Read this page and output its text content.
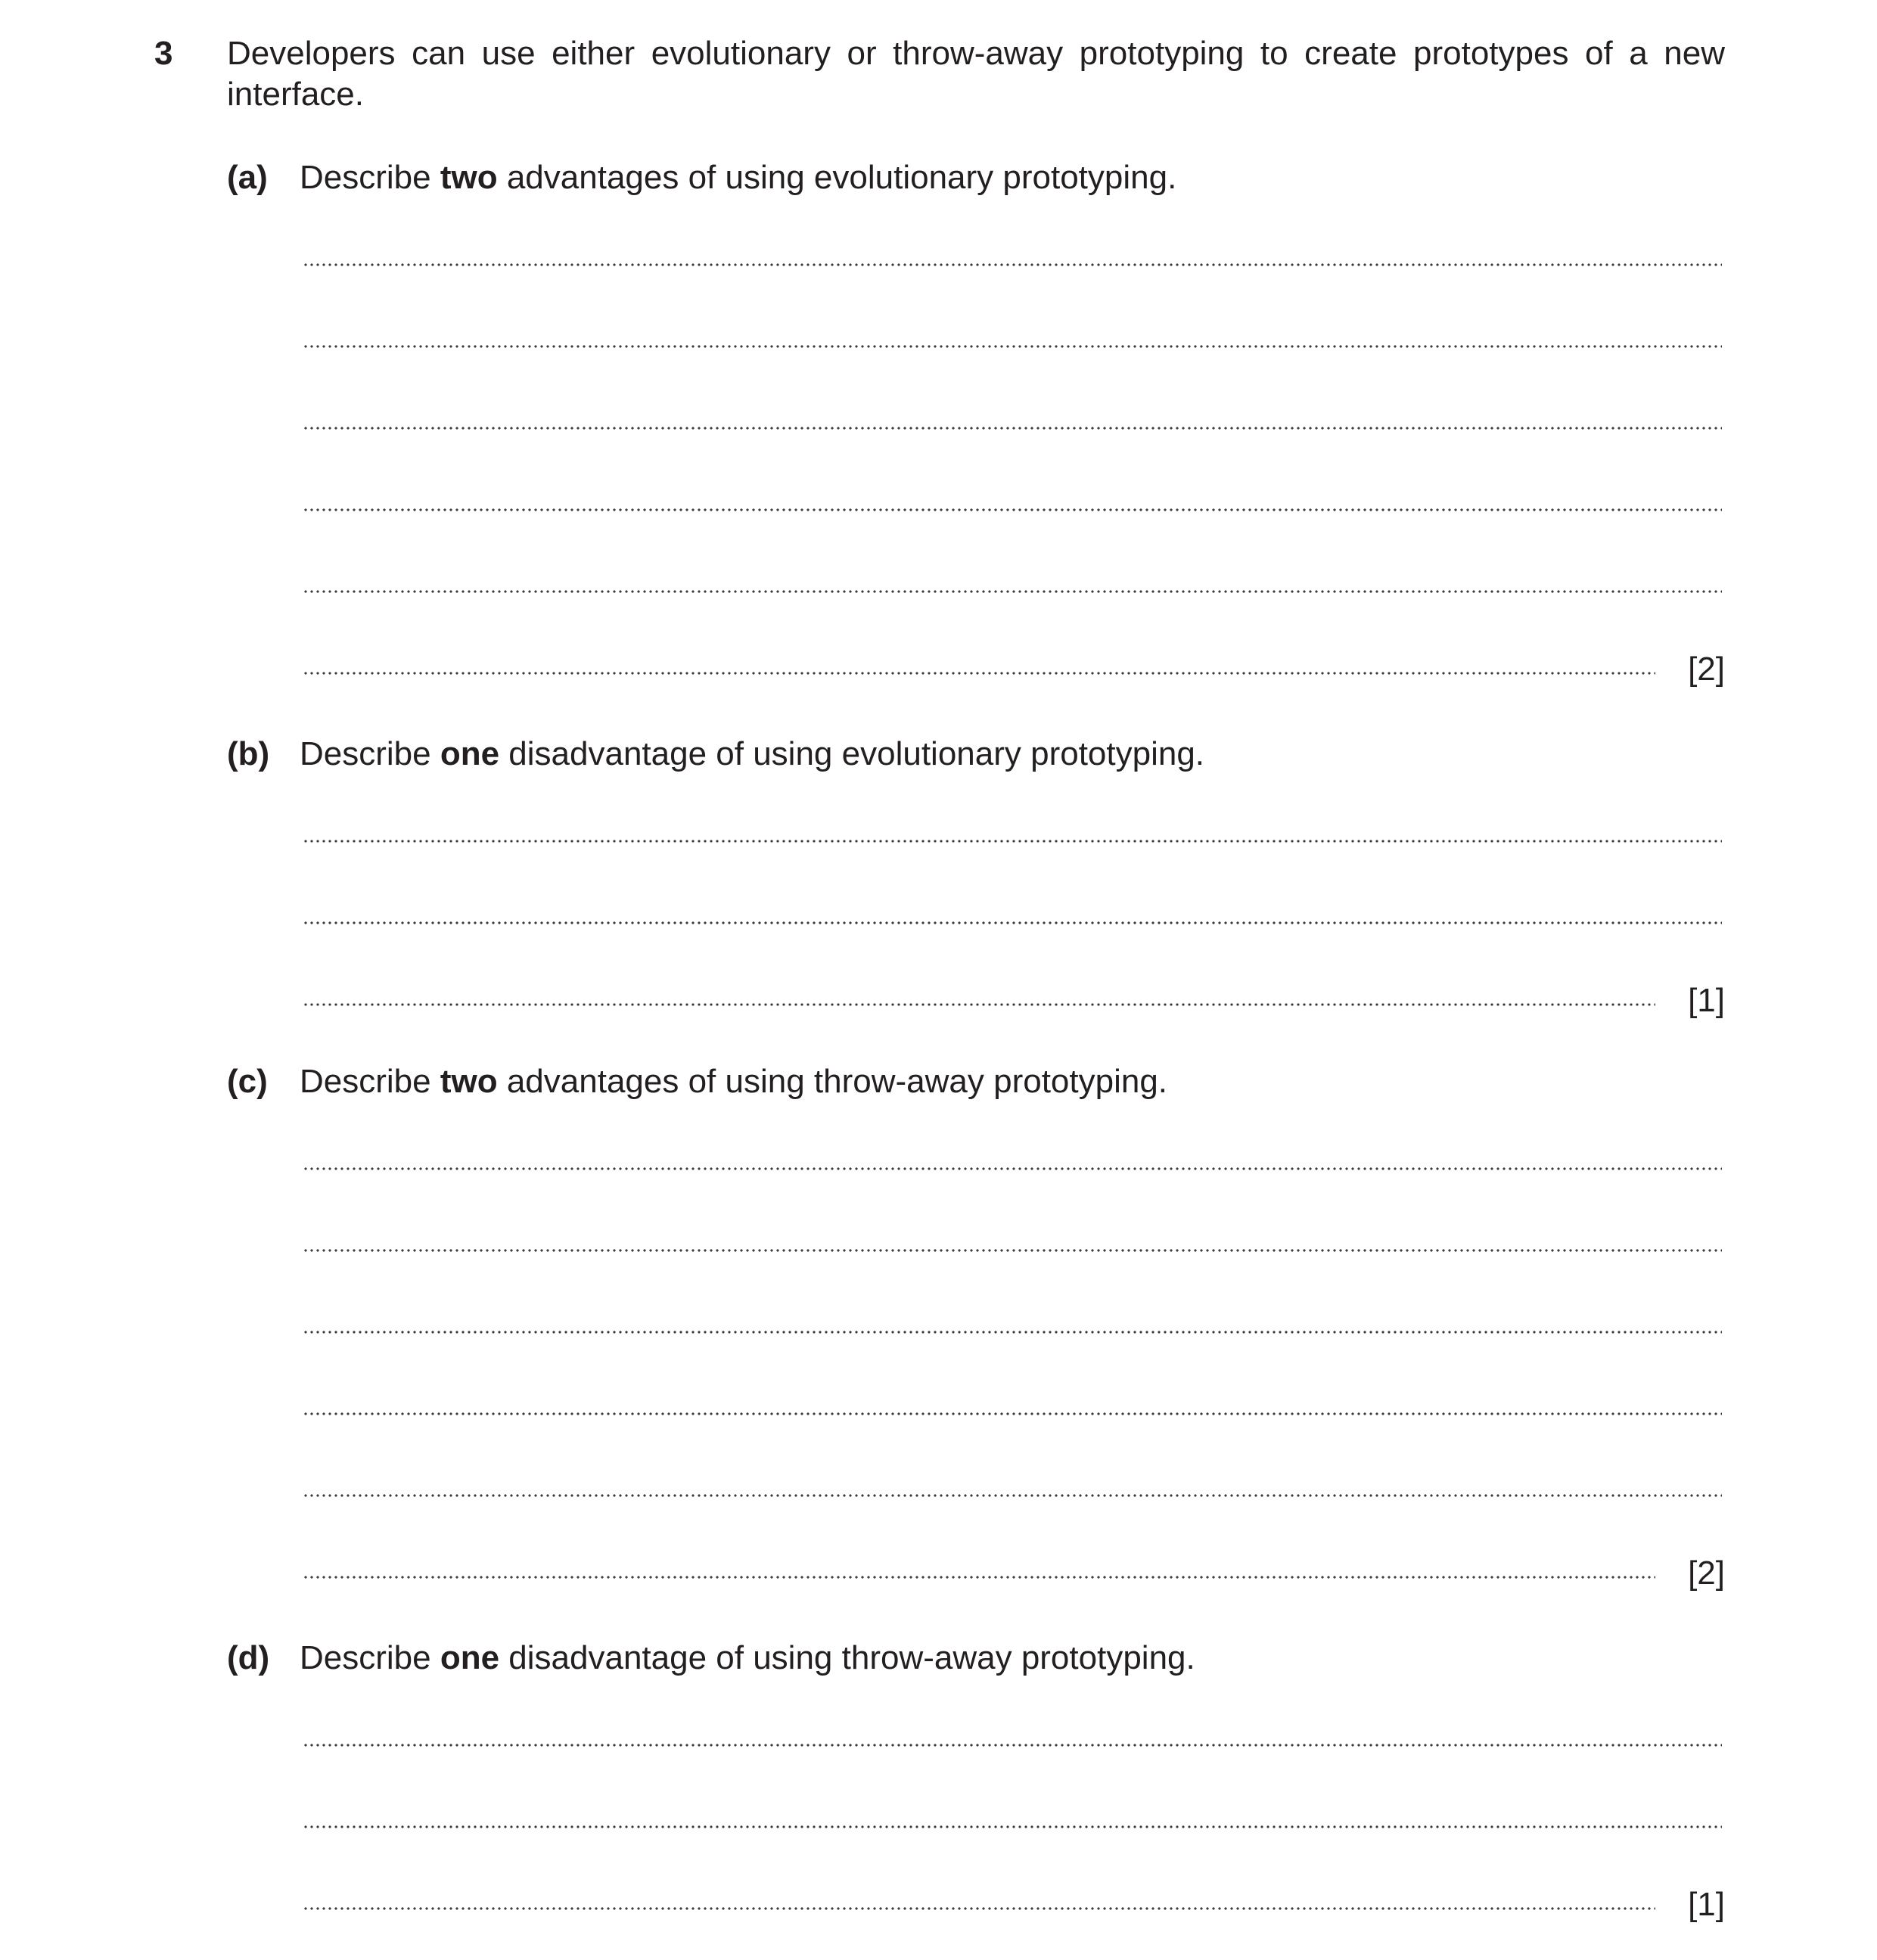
3 Developers can use either evolutionary or throw-away prototyping to create prototypes of a new interface.
(a) Describe two advantages of using evolutionary prototyping.
[2]
(b) Describe one disadvantage of using evolutionary prototyping.
[1]
(c) Describe two advantages of using throw-away prototyping.
[2]
(d) Describe one disadvantage of using throw-away prototyping.
[1]
